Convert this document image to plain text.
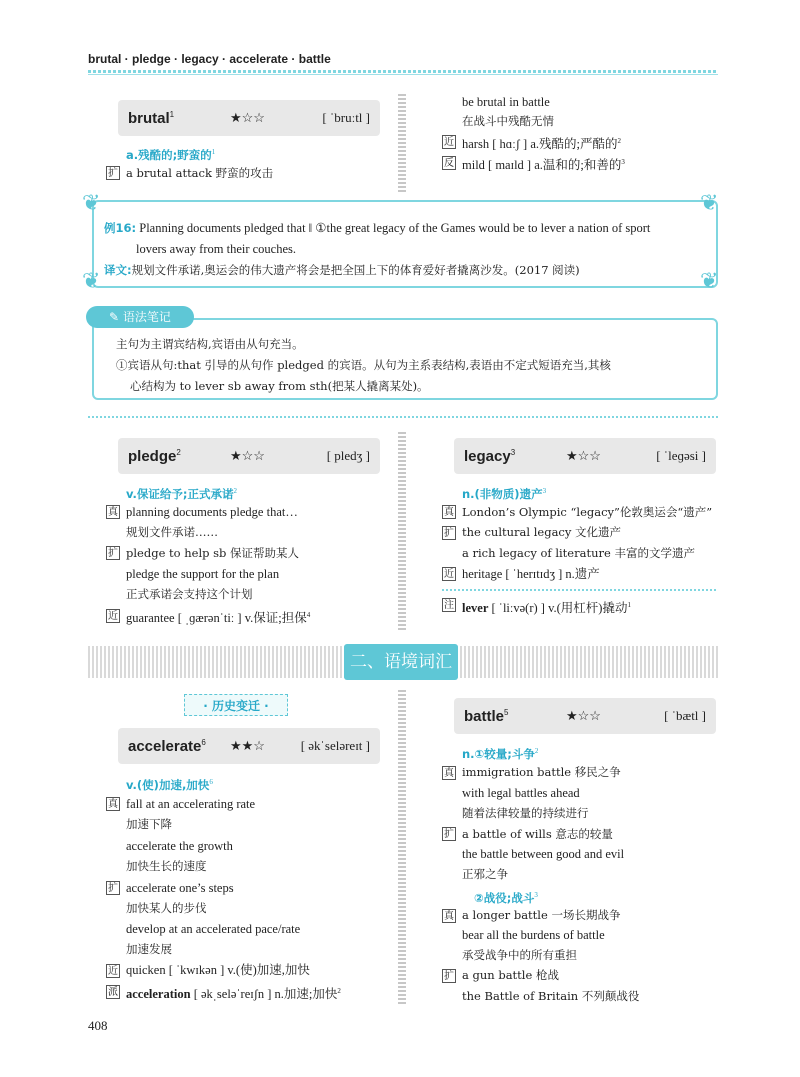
brutal · pledge · legacy · accelerate · battle
brutal$^1$	★☆☆	[ ˈbruːtl ]
a.残酷的;野蛮的$^1$
扩 a brutal attack 野蛮的攻击
be brutal in battle
在战斗中残酷无情
近 harsh [ hɑːʃ ] a.残酷的;严酷的$^2$
反 mild [ maɪld ] a.温和的;和善的$^3$
❦	❦
❦	❦
例16: Planning documents pledged that ‖ ①the great legacy of the Games would be to lever a nation of sport
lovers away from their couches.
译文:规划文件承诺,奥运会的伟大遗产将会是把全国上下的体育爱好者撬离沙发。(2017 阅读)
✎ 语法笔记
主句为主谓宾结构,宾语由从句充当。
①宾语从句:that 引导的从句作 pledged 的宾语。从句为主系表结构,表语由不定式短语充当,其核
心结构为 to lever sb away from sth(把某人撬离某处)。
pledge$^2$	★☆☆	[ pledʒ ]
v.保证给予;正式承诺$^2$
真 planning documents pledge that…
规划文件承诺……
扩 pledge to help sb 保证帮助某人
pledge the support for the plan
正式承诺会支持这个计划
近 guarantee [ ˌɡærənˈtiː ] v.保证;担保$^4$
legacy$^3$	★☆☆	[ ˈleɡəsi ]
n.(非物质)遗产$^3$
真 London’s Olympic “legacy”伦敦奥运会“遗产”
扩 the cultural legacy 文化遗产
a rich legacy of literature 丰富的文学遗产
近 heritage [ ˈherɪtɪdʒ ] n.遗产
注 lever [ ˈliːvə(r) ] v.(用杠杆)撬动$^1$
二、语境词汇
· 历史变迁 ·
accelerate$^6$ ★★☆	[ əkˈseləreɪt ]
v.(使)加速,加快$^6$
真 fall at an accelerating rate
加速下降
accelerate the growth
加快生长的速度
扩 accelerate one’s steps
加快某人的步伐
develop at an accelerated pace/rate
加速发展
近 quicken [ ˈkwɪkən ] v.(使)加速,加快
派 acceleration [ əkˌseləˈreɪʃn ] n.加速;加快$^2$
battle$^5$	★☆☆	[ ˈbætl ]
n.①较量;斗争$^2$
真 immigration battle 移民之争
with legal battles ahead
随着法律较量的持续进行
扩 a battle of wills 意志的较量
the battle between good and evil
正邪之争
②战役;战斗$^3$
真 a longer battle 一场长期战争
bear all the burdens of battle
承受战争中的所有重担
扩 a gun battle 枪战
the Battle of Britain 不列颠战役
408
